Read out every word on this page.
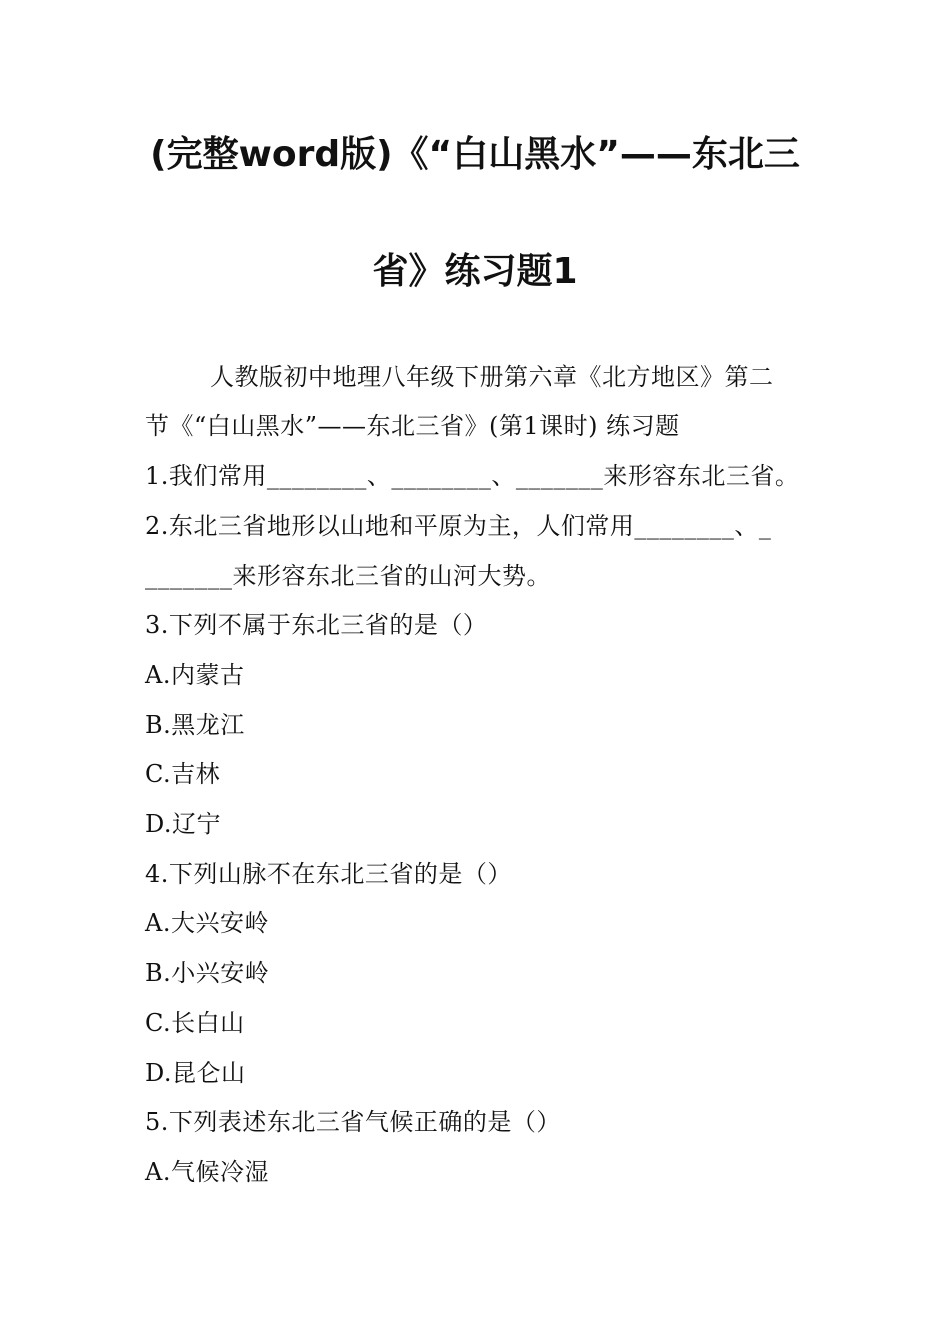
(完整word版)《“白山黑水”——东北三
省》练习题1
人教版初中地理八年级下册第六章《北方地区》第二
节《“白山黑水”——东北三省》(第1课时) 练习题
1.我们常用________、________、_______来形容东北三省。
2.东北三省地形以山地和平原为主，人们常用________、_
_______来形容东北三省的山河大势。
3.下列不属于东北三省的是（）
A.内蒙古
B.黑龙江
C.吉林
D.辽宁
4.下列山脉不在东北三省的是（）
A.大兴安岭
B.小兴安岭
C.长白山
D.昆仑山
5.下列表述东北三省气候正确的是（）
A.气候冷湿
